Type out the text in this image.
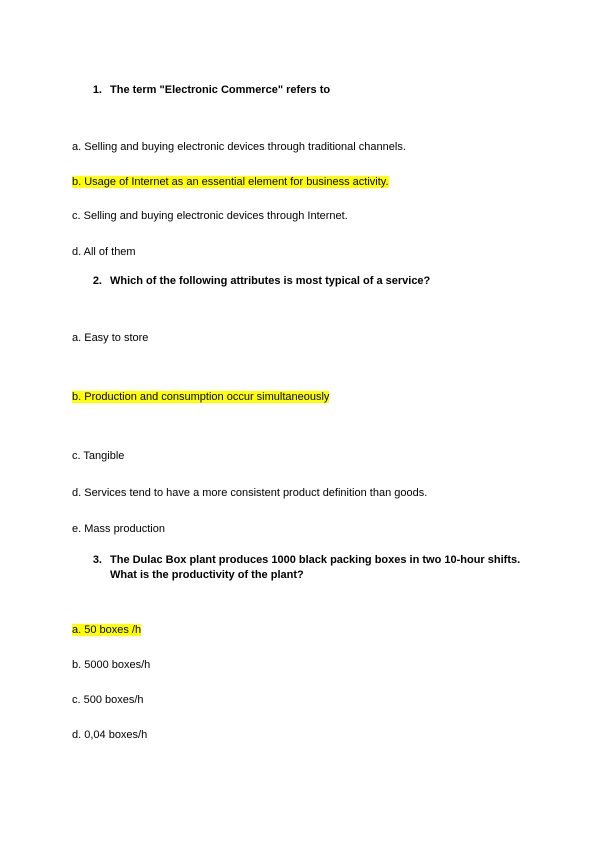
1. The term "Electronic Commerce" refers to
a. Selling and buying electronic devices through traditional channels.
b. Usage of Internet as an essential element for business activity.
c. Selling and buying electronic devices through Internet.
d. All of them
2. Which of the following attributes is most typical of a service?
a. Easy to store
b. Production and consumption occur simultaneously
c. Tangible
d. Services tend to have a more consistent product definition than goods.
e. Mass production
3. The Dulac Box plant produces 1000 black packing boxes in two 10-hour shifts. What is the productivity of the plant?
a. 50 boxes /h
b. 5000 boxes/h
c. 500 boxes/h
d. 0,04 boxes/h
